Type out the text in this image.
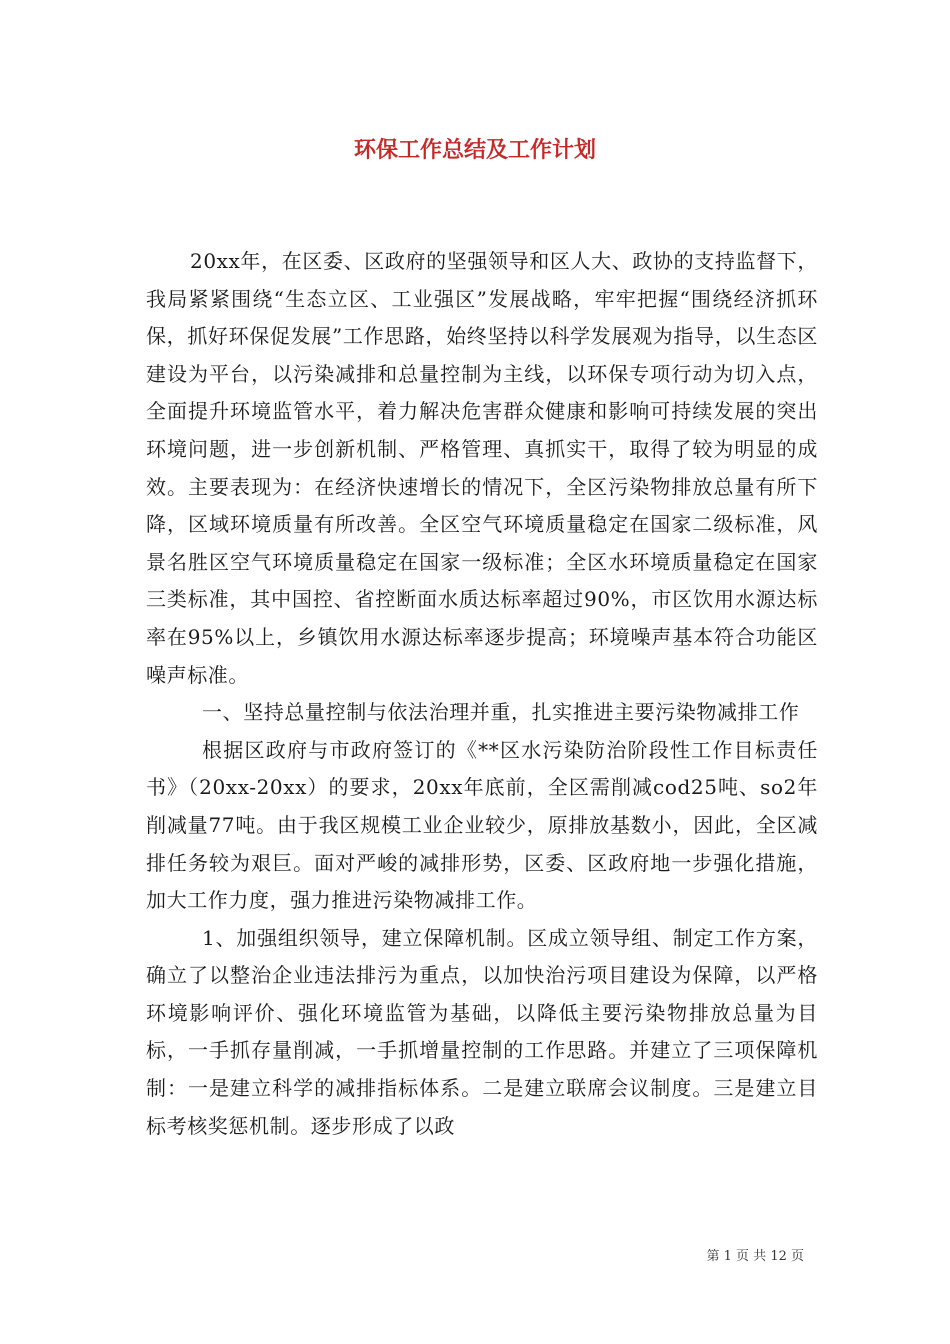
环保工作总结及工作计划

20xx年，在区委、区政府的坚强领导和区人大、政协的支持监督下，我局紧紧围绕“生态立区、工业强区”发展战略，牢牢把握“围绕经济抓环保，抓好环保促发展”工作思路，始终坚持以科学发展观为指导，以生态区建设为平台，以污染减排和总量控制为主线，以环保专项行动为切入点，全面提升环境监管水平，着力解决危害群众健康和影响可持续发展的突出环境问题，进一步创新机制、严格管理、真抓实干，取得了较为明显的成效。主要表现为：在经济快速增长的情况下，全区污染物排放总量有所下降，区域环境质量有所改善。全区空气环境质量稳定在国家二级标准，风景名胜区空气环境质量稳定在国家一级标准；全区水环境质量稳定在国家三类标准，其中国控、省控断面水质达标率超过90%，市区饮用水源达标率在95%以上，乡镇饮用水源达标率逐步提高；环境噪声基本符合功能区噪声标准。

一、坚持总量控制与依法治理并重，扎实推进主要污染物减排工作

根据区政府与市政府签订的《**区水污染防治阶段性工作目标责任书》（20xx-20xx）的要求，20xx年底前，全区需削减cod25吨、so2年削减量77吨。由于我区规模工业企业较少，原排放基数小，因此，全区减排任务较为艰巨。面对严峻的减排形势，区委、区政府地一步强化措施，加大工作力度，强力推进污染物减排工作。

1、加强组织领导，建立保障机制。区成立领导组、制定工作方案，确立了以整治企业违法排污为重点，以加快治污项目建设为保障，以严格环境影响评价、强化环境监管为基础，以降低主要污染物排放总量为目标，一手抓存量削减，一手抓增量控制的工作思路。并建立了三项保障机制：一是建立科学的减排指标体系。二是建立联席会议制度。三是建立目标考核奖惩机制。逐步形成了以政

第 1 页 共 12 页
